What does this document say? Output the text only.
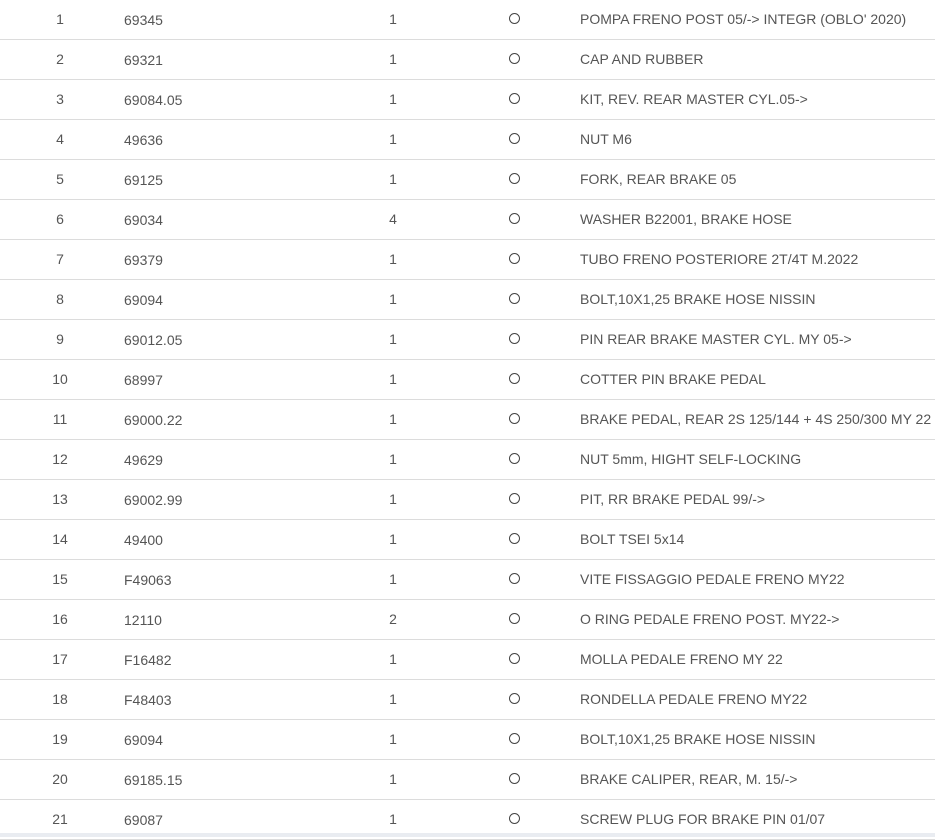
1	69345	1	POMPA FRENO POST 05/-> INTEGR (OBLO' 2020)
2	69321	1	CAP AND RUBBER
3	69084.05	1	KIT, REV. REAR MASTER CYL.05->
4	49636	1	NUT M6
5	69125	1	FORK, REAR BRAKE 05
6	69034	4	WASHER B22001, BRAKE HOSE
7	69379	1	TUBO FRENO POSTERIORE 2T/4T M.2022
8	69094	1	BOLT,10X1,25 BRAKE HOSE NISSIN
9	69012.05	1	PIN REAR BRAKE MASTER CYL. MY 05->
10	68997	1	COTTER PIN BRAKE PEDAL
11	69000.22	1	BRAKE PEDAL, REAR 2S 125/144 + 4S 250/300 MY 22
12	49629	1	NUT 5mm, HIGHT SELF-LOCKING
13	69002.99	1	PIT, RR BRAKE PEDAL 99/->
14	49400	1	BOLT TSEI 5x14
15	F49063	1	VITE FISSAGGIO PEDALE FRENO MY22
16	12110	2	O RING PEDALE FRENO POST. MY22->
17	F16482	1	MOLLA PEDALE FRENO MY 22
18	F48403	1	RONDELLA PEDALE FRENO MY22
19	69094	1	BOLT,10X1,25 BRAKE HOSE NISSIN
20	69185.15	1	BRAKE CALIPER, REAR, M. 15/->
21	69087	1	SCREW PLUG FOR BRAKE PIN 01/07
